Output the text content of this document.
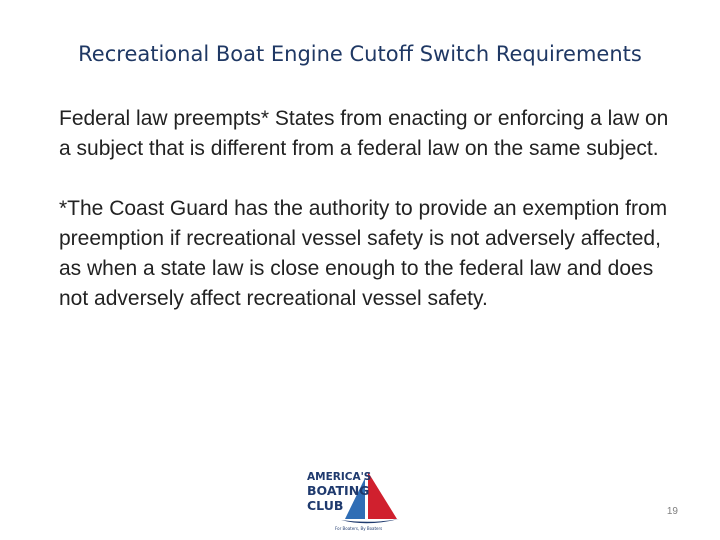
Recreational Boat Engine Cutoff Switch Requirements

Federal law preempts* States from enacting or enforcing a law on a subject that is different from a federal law on the same subject.

*The Coast Guard has the authority to provide an exemption from preemption if recreational vessel safety is not adversely affected, as when a state law is close enough to the federal law and does not adversely affect recreational vessel safety.

AMERICA'S
BOATING
CLUB
For Boaters, By Boaters
19
